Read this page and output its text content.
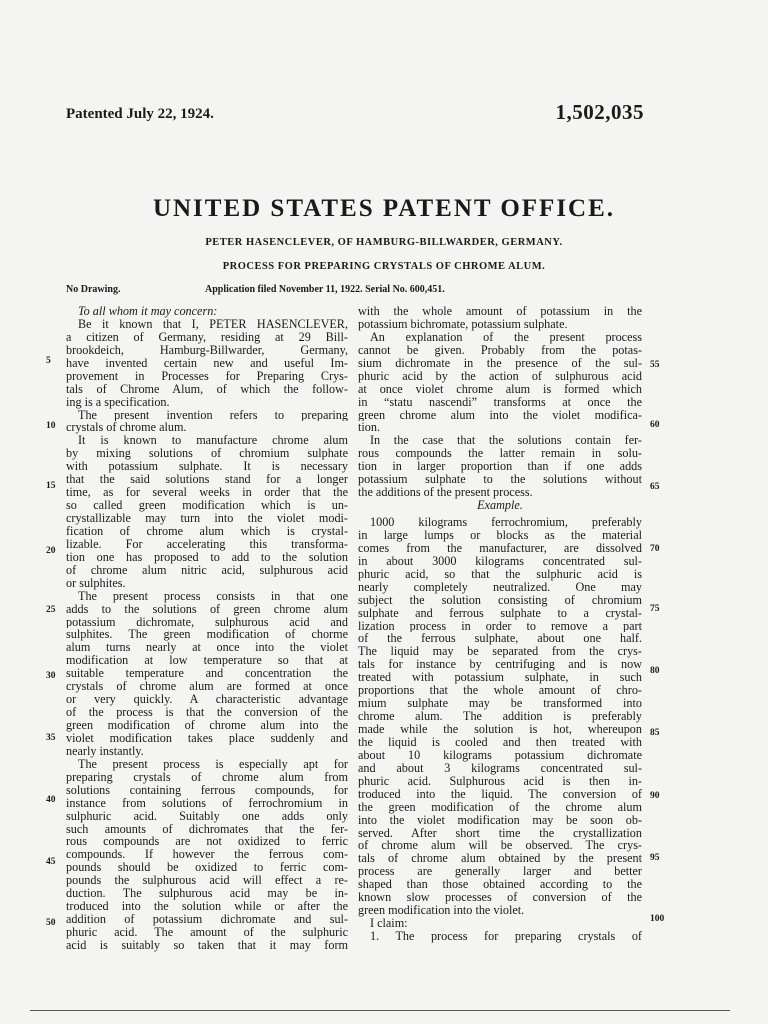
Patented July 22, 1924.	1,502,035
UNITED STATES PATENT OFFICE.
PETER HASENCLEVER, OF HAMBURG-BILLWARDER, GERMANY.
PROCESS FOR PREPARING CRYSTALS OF CHROME ALUM.
No Drawing.	Application filed November 11, 1922. Serial No. 600,451.
To all whom it may concern:
Be it known that I, PETER HASENCLEVER,
a citizen of Germany, residing at 29 Bill-
brookdeich, Hamburg-Billwarder, Germany,
have invented certain new and useful Im-
provement in Processes for Preparing Crys-
tals of Chrome Alum, of which the follow-
ing is a specification.
The present invention refers to preparing
crystals of chrome alum.
It is known to manufacture chrome alum
by mixing solutions of chromium sulphate
with potassium sulphate. It is necessary
that the said solutions stand for a longer
time, as for several weeks in order that the
so called green modification which is un-
crystallizable may turn into the violet modi-
fication of chrome alum which is crystal-
lizable. For accelerating this transforma-
tion one has proposed to add to the solution
of chrome alum nitric acid, sulphurous acid
or sulphites.
The present process consists in that one
adds to the solutions of green chrome alum
potassium dichromate, sulphurous acid and
sulphites. The green modification of chorme
alum turns nearly at once into the violet
modification at low temperature so that at
suitable temperature and concentration the
crystals of chrome alum are formed at once
or very quickly. A characteristic advantage
of the process is that the conversion of the
green modification of chrome alum into the
violet modification takes place suddenly and
nearly instantly.
The present process is especially apt for
preparing crystals of chrome alum from
solutions containing ferrous compounds, for
instance from solutions of ferrochromium in
sulphuric acid. Suitably one adds only
such amounts of dichromates that the fer-
rous compounds are not oxidized to ferric
compounds. If however the ferrous com-
pounds should be oxidized to ferric com-
pounds the sulphurous acid will effect a re-
duction. The sulphurous acid may be in-
troduced into the solution while or after the
addition of potassium dichromate and sul-
phuric acid. The amount of the sulphuric
acid is suitably so taken that it may form
with the whole amount of potassium in the
potassium bichromate, potassium sulphate.
An explanation of the present process
cannot be given. Probably from the potas-
sium dichromate in the presence of the sul-
phuric acid by the action of sulphurous acid
at once violet chrome alum is formed which
in “statu nascendi” transforms at once the
green chrome alum into the violet modifica-
tion.
In the case that the solutions contain fer-
rous compounds the latter remain in solu-
tion in larger proportion than if one adds
potassium sulphate to the solutions without
the additions of the present process.
Example.
1000 kilograms ferrochromium, preferably
in large lumps or blocks as the material
comes from the manufacturer, are dissolved
in about 3000 kilograms concentrated sul-
phuric acid, so that the sulphuric acid is
nearly completely neutralized. One may
subject the solution consisting of chromium
sulphate and ferrous sulphate to a crystal-
lization process in order to remove a part
of the ferrous sulphate, about one half.
The liquid may be separated from the crys-
tals for instance by centrifuging and is now
treated with potassium sulphate, in such
proportions that the whole amount of chro-
mium sulphate may be transformed into
chrome alum. The addition is preferably
made while the solution is hot, whereupon
the liquid is cooled and then treated with
about 10 kilograms potassium dichromate
and about 3 kilograms concentrated sul-
phuric acid. Sulphurous acid is then in-
troduced into the liquid. The conversion of
the green modification of the chrome alum
into the violet modification may be soon ob-
served. After short time the crystallization
of chrome alum will be observed. The crys-
tals of chrome alum obtained by the present
process are generally larger and better
shaped than those obtained according to the
known slow processes of conversion of the
green modification into the violet.
I claim:
1. The process for preparing crystals of
5
10
15
20
25
30
35
40
45
50
55
60
65
70
75
80
85
90
95
100
